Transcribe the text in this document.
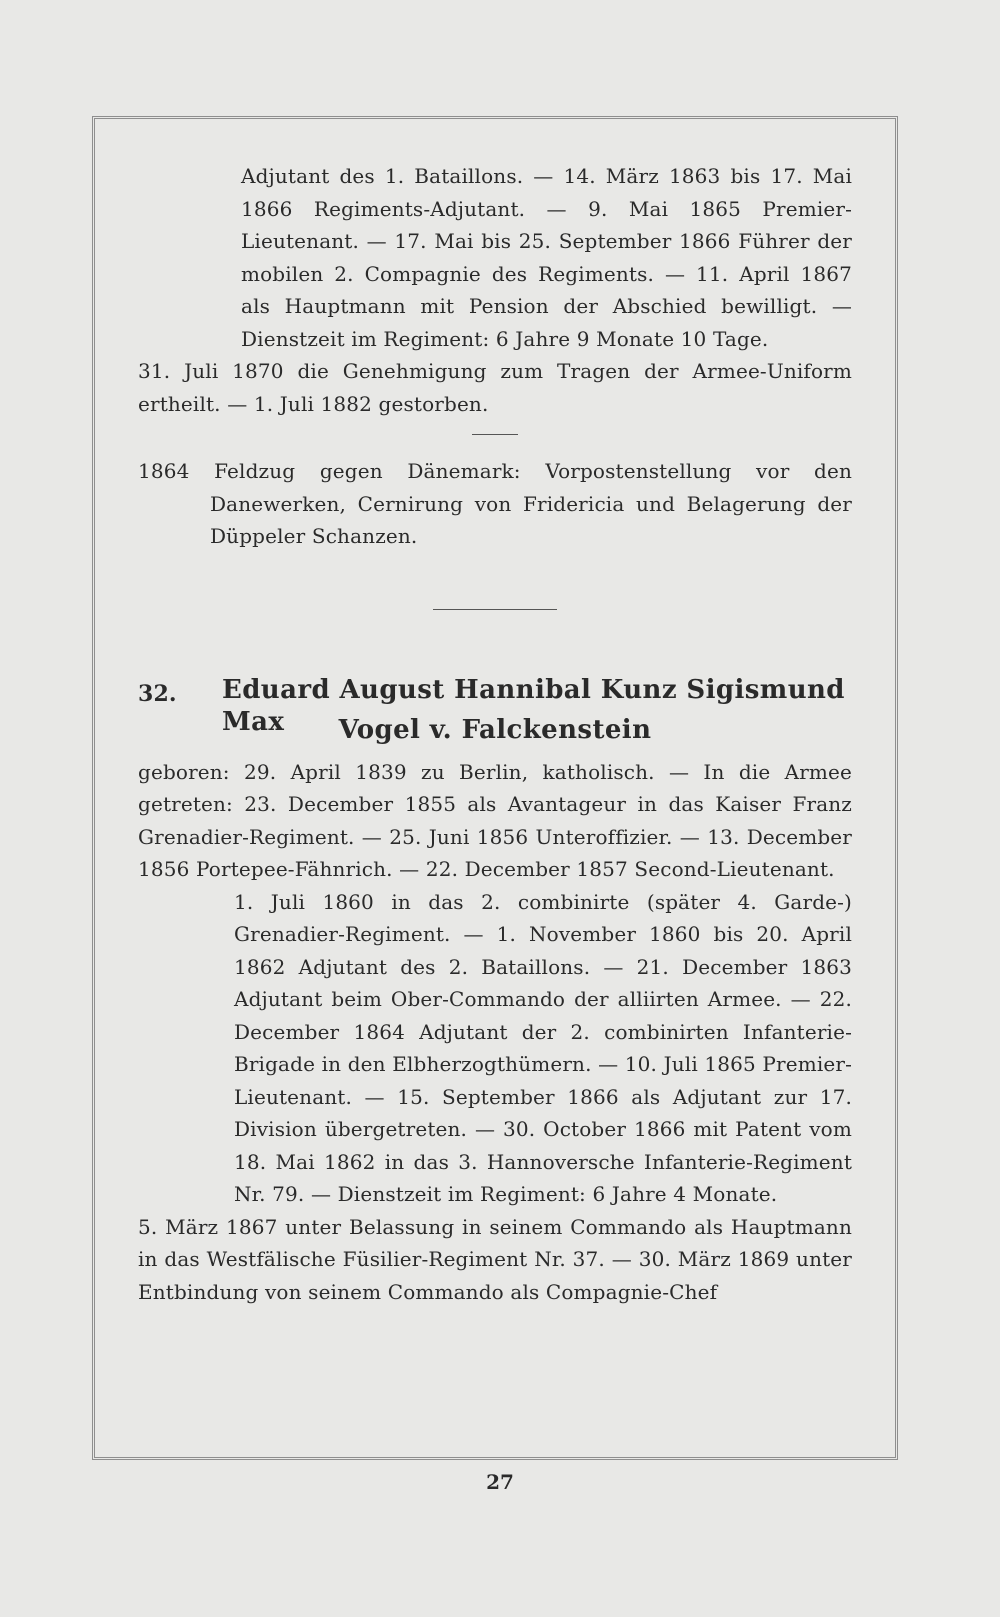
Adjutant des 1. Bataillons. — 14. März 1863 bis 17. Mai 1866 Regiments-Adjutant. — 9. Mai 1865 Premier-Lieutenant. — 17. Mai bis 25. September 1866 Führer der mobilen 2. Compagnie des Regiments. — 11. April 1867 als Hauptmann mit Pension der Abschied bewilligt. — Dienstzeit im Regiment: 6 Jahre 9 Monate 10 Tage.

31. Juli 1870 die Genehmigung zum Tragen der Armee-Uniform ertheilt. — 1. Juli 1882 gestorben.

1864 Feldzug gegen Dänemark: Vorpostenstellung vor den Danewerken, Cernirung von Fridericia und Belagerung der Düppeler Schanzen.

32. Eduard August Hannibal Kunz Sigismund Max	Vogel v. Falckenstein

geboren: 29. April 1839 zu Berlin, katholisch. — In die Armee getreten: 23. December 1855 als Avantageur in das Kaiser Franz Grenadier-Regiment. — 25. Juni 1856 Unteroffizier. — 13. December 1856 Portepee-Fähnrich. — 22. December 1857 Second-Lieutenant.

1. Juli 1860 in das 2. combinirte (später 4. Garde-) Grenadier-Regiment. — 1. November 1860 bis 20. April 1862 Adjutant des 2. Bataillons. — 21. December 1863 Adjutant beim Ober-Commando der alliirten Armee. — 22. December 1864 Adjutant der 2. combinirten Infanterie-Brigade in den Elbherzogthümern. — 10. Juli 1865 Premier-Lieutenant. — 15. September 1866 als Adjutant zur 17. Division übergetreten. — 30. October 1866 mit Patent vom 18. Mai 1862 in das 3. Hannoversche Infanterie-Regiment Nr. 79. — Dienstzeit im Regiment: 6 Jahre 4 Monate.

5. März 1867 unter Belassung in seinem Commando als Hauptmann in das Westfälische Füsilier-Regiment Nr. 37. — 30. März 1869 unter Entbindung von seinem Commando als Compagnie-Chef

27
